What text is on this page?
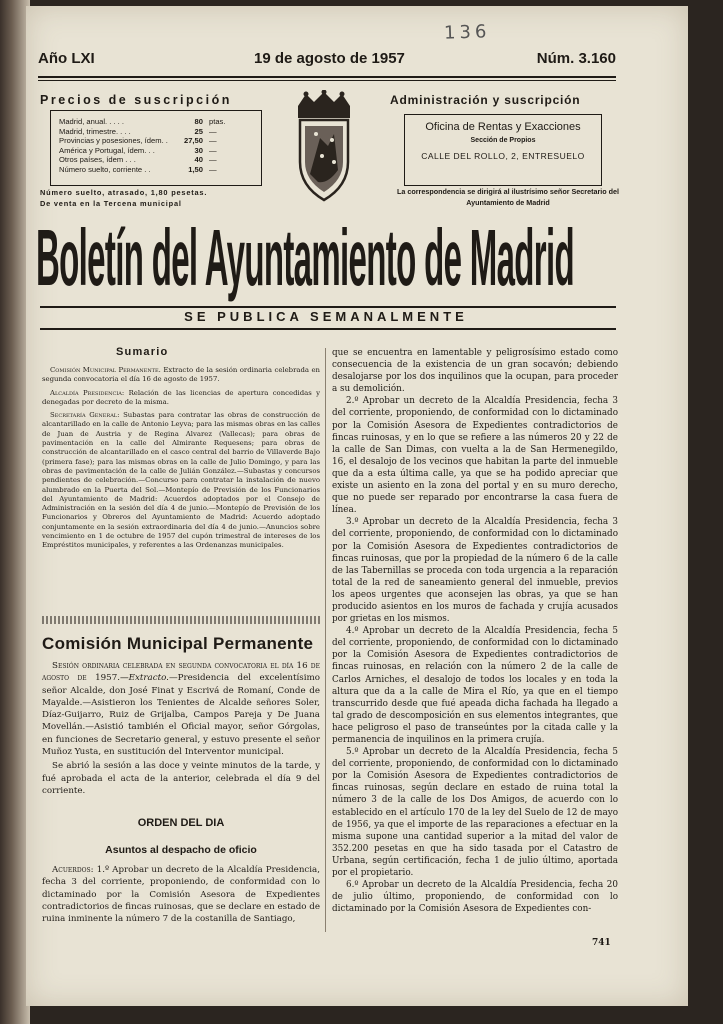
136
Año LXI	19 de agosto de 1957	Núm. 3.160
Precios de suscripción
Madrid, anual. . . . .	80 ptas.
Madrid, trimestre. . . .	25 —
Provincias y posesiones, ídem. .	27,50 —
América y Portugal, ídem. . .	30 —
Otros países, ídem . . .	40 —
Número suelto, corriente . .	1,50 —
Número suelto, atrasado, 1,80 pesetas.
De venta en la Tercena municipal
Administración y suscripción
Oficina de Rentas y Exacciones
Sección de Propios
CALLE DEL ROLLO, 2, ENTRESUELO
La correspondencia se dirigirá al ilustrísimo señor Secretario del Ayuntamiento de Madrid
Boletín del Ayuntamiento de Madrid
SE PUBLICA SEMANALMENTE
Sumario

Comisión Municipal Permanente. Extracto de la sesión ordinaria celebrada en segunda convocatoria el día 16 de agosto de 1957.

Alcaldía Presidencia: Relación de las licencias de apertura concedidas y denegadas por decreto de la misma.

Secretaría General: Subastas para contratar las obras de construcción de alcantarillado en la calle de Antonio Leyva; para las mismas obras en las calles de Juan de Austria y de Regina Alvarez (Vallecas); para obras de pavimentación en la calle del Almirante Requesens; para obras de construcción de alcantarillado en el casco central del barrio de Villaverde Bajo (primera fase); para las mismas obras en la calle de Julio Domingo, y para las obras de pavimentación de la calle de Julián González.—Subastas y concursos pendientes de celebración.—Concurso para contratar la instalación de nuevo alumbrado en la Puerta del Sol.—Montepío de Previsión de los Funcionarios del Ayuntamiento de Madrid: Acuerdos adoptados por el Consejo de Administración en la sesión del día 4 de junio.—Montepío de Previsión de los Funcionarios y Obreros del Ayuntamiento de Madrid: Acuerdo adoptado conjuntamente en la sesión extraordinaria del día 4 de junio.—Anuncios sobre vencimiento en 1 de octubre de 1957 del cupón trimestral de intereses de los Empréstitos municipales, y referentes a las Ordenanzas municipales.

Comisión Municipal Permanente

Sesión ordinaria celebrada en segunda convocatoria el día 16 de agosto de 1957.—Extracto.—Presidencia del excelentísimo señor Alcalde, don José Finat y Escrivá de Romaní, Conde de Mayalde.—Asistieron los Tenientes de Alcalde señores Soler, Díaz-Guijarro, Ruiz de Grijalba, Campos Pareja y De Juana Movellán.—Asistió también el Oficial mayor, señor Górgolas, en funciones de Secretario general, y estuvo presente el señor Muñoz Yusta, en sustitución del Interventor municipal.

Se abrió la sesión a las doce y veinte minutos de la tarde, y fué aprobada el acta de la anterior, celebrada el día 9 del corriente.

ORDEN DEL DIA
Asuntos al despacho de oficio
Acuerdos: 1.º Aprobar un decreto de la Alcaldía Presidencia, fecha 3 del corriente, proponiendo, de conformidad con lo dictaminado por la Comisión Asesora de Expedientes contradictorios de fincas ruinosas, que se declare en estado de ruina inminente la número 7 de la costanilla de Santiago,

que se encuentra en lamentable y peligrosísimo estado como consecuencia de la existencia de un gran socavón; debiendo desalojarse por los dos inquilinos que la ocupan, para proceder a su demolición.

2.º Aprobar un decreto de la Alcaldía Presidencia, fecha 3 del corriente, proponiendo, de conformidad con lo dictaminado por la Comisión Asesora de Expedientes contradictorios de fincas ruinosas, y en lo que se refiere a las números 20 y 22 de la calle de San Dimas, con vuelta a la de San Hermenegildo, 16, el desalojo de los vecinos que habitan la parte del inmueble que da a esta última calle, ya que se ha podido apreciar que existe un asiento en la zona del portal y en su muro derecho, que no puede ser reparado por encontrarse la casa fuera de línea.

3.º Aprobar un decreto de la Alcaldía Presidencia, fecha 3 del corriente, proponiendo, de conformidad con lo dictaminado por la Comisión Asesora de Expedientes contradictorios de fincas ruinosas, que por la propiedad de la número 6 de la calle de las Tabernillas se proceda con toda urgencia a la reparación total de la red de saneamiento general del inmueble, previos los apeos urgentes que aconsejen las obras, ya que se han producido asientos en los muros de fachada y crujía acusados por grietas en los mismos.

4.º Aprobar un decreto de la Alcaldía Presidencia, fecha 5 del corriente, proponiendo, de conformidad con lo dictaminado por la Comisión Asesora de Expedientes contradictorios de fincas ruinosas, en relación con la número 2 de la calle de Carlos Arniches, el desalojo de todos los locales y en toda la altura que da a la calle de Mira el Río, ya que en el tiempo transcurrido desde que fué apeada dicha fachada ha llegado a tal grado de descomposición en sus elementos integrantes, que hace peligroso el paso de transeúntes por la citada calle y la permanencia de inquilinos en la primera crujía.

5.º Aprobar un decreto de la Alcaldía Presidencia, fecha 5 del corriente, proponiendo, de conformidad con lo dictaminado por la Comisión Asesora de Expedientes contradictorios de fincas ruinosas, según declare en estado de ruina total la número 3 de la calle de los Dos Amigos, de acuerdo con lo establecido en el artículo 170 de la ley del Suelo de 12 de mayo de 1956, ya que el importe de las reparaciones a efectuar en la misma supone una cantidad superior a la mitad del valor de 352.200 pesetas en que ha sido tasada por el Catastro de Urbana, según certificación, fecha 1 de julio último, aportada por el propietario.

6.º Aprobar un decreto de la Alcaldía Presidencia, fecha 20 de julio último, proponiendo, de conformidad con lo dictaminado por la Comisión Asesora de Expedientes con-

741
